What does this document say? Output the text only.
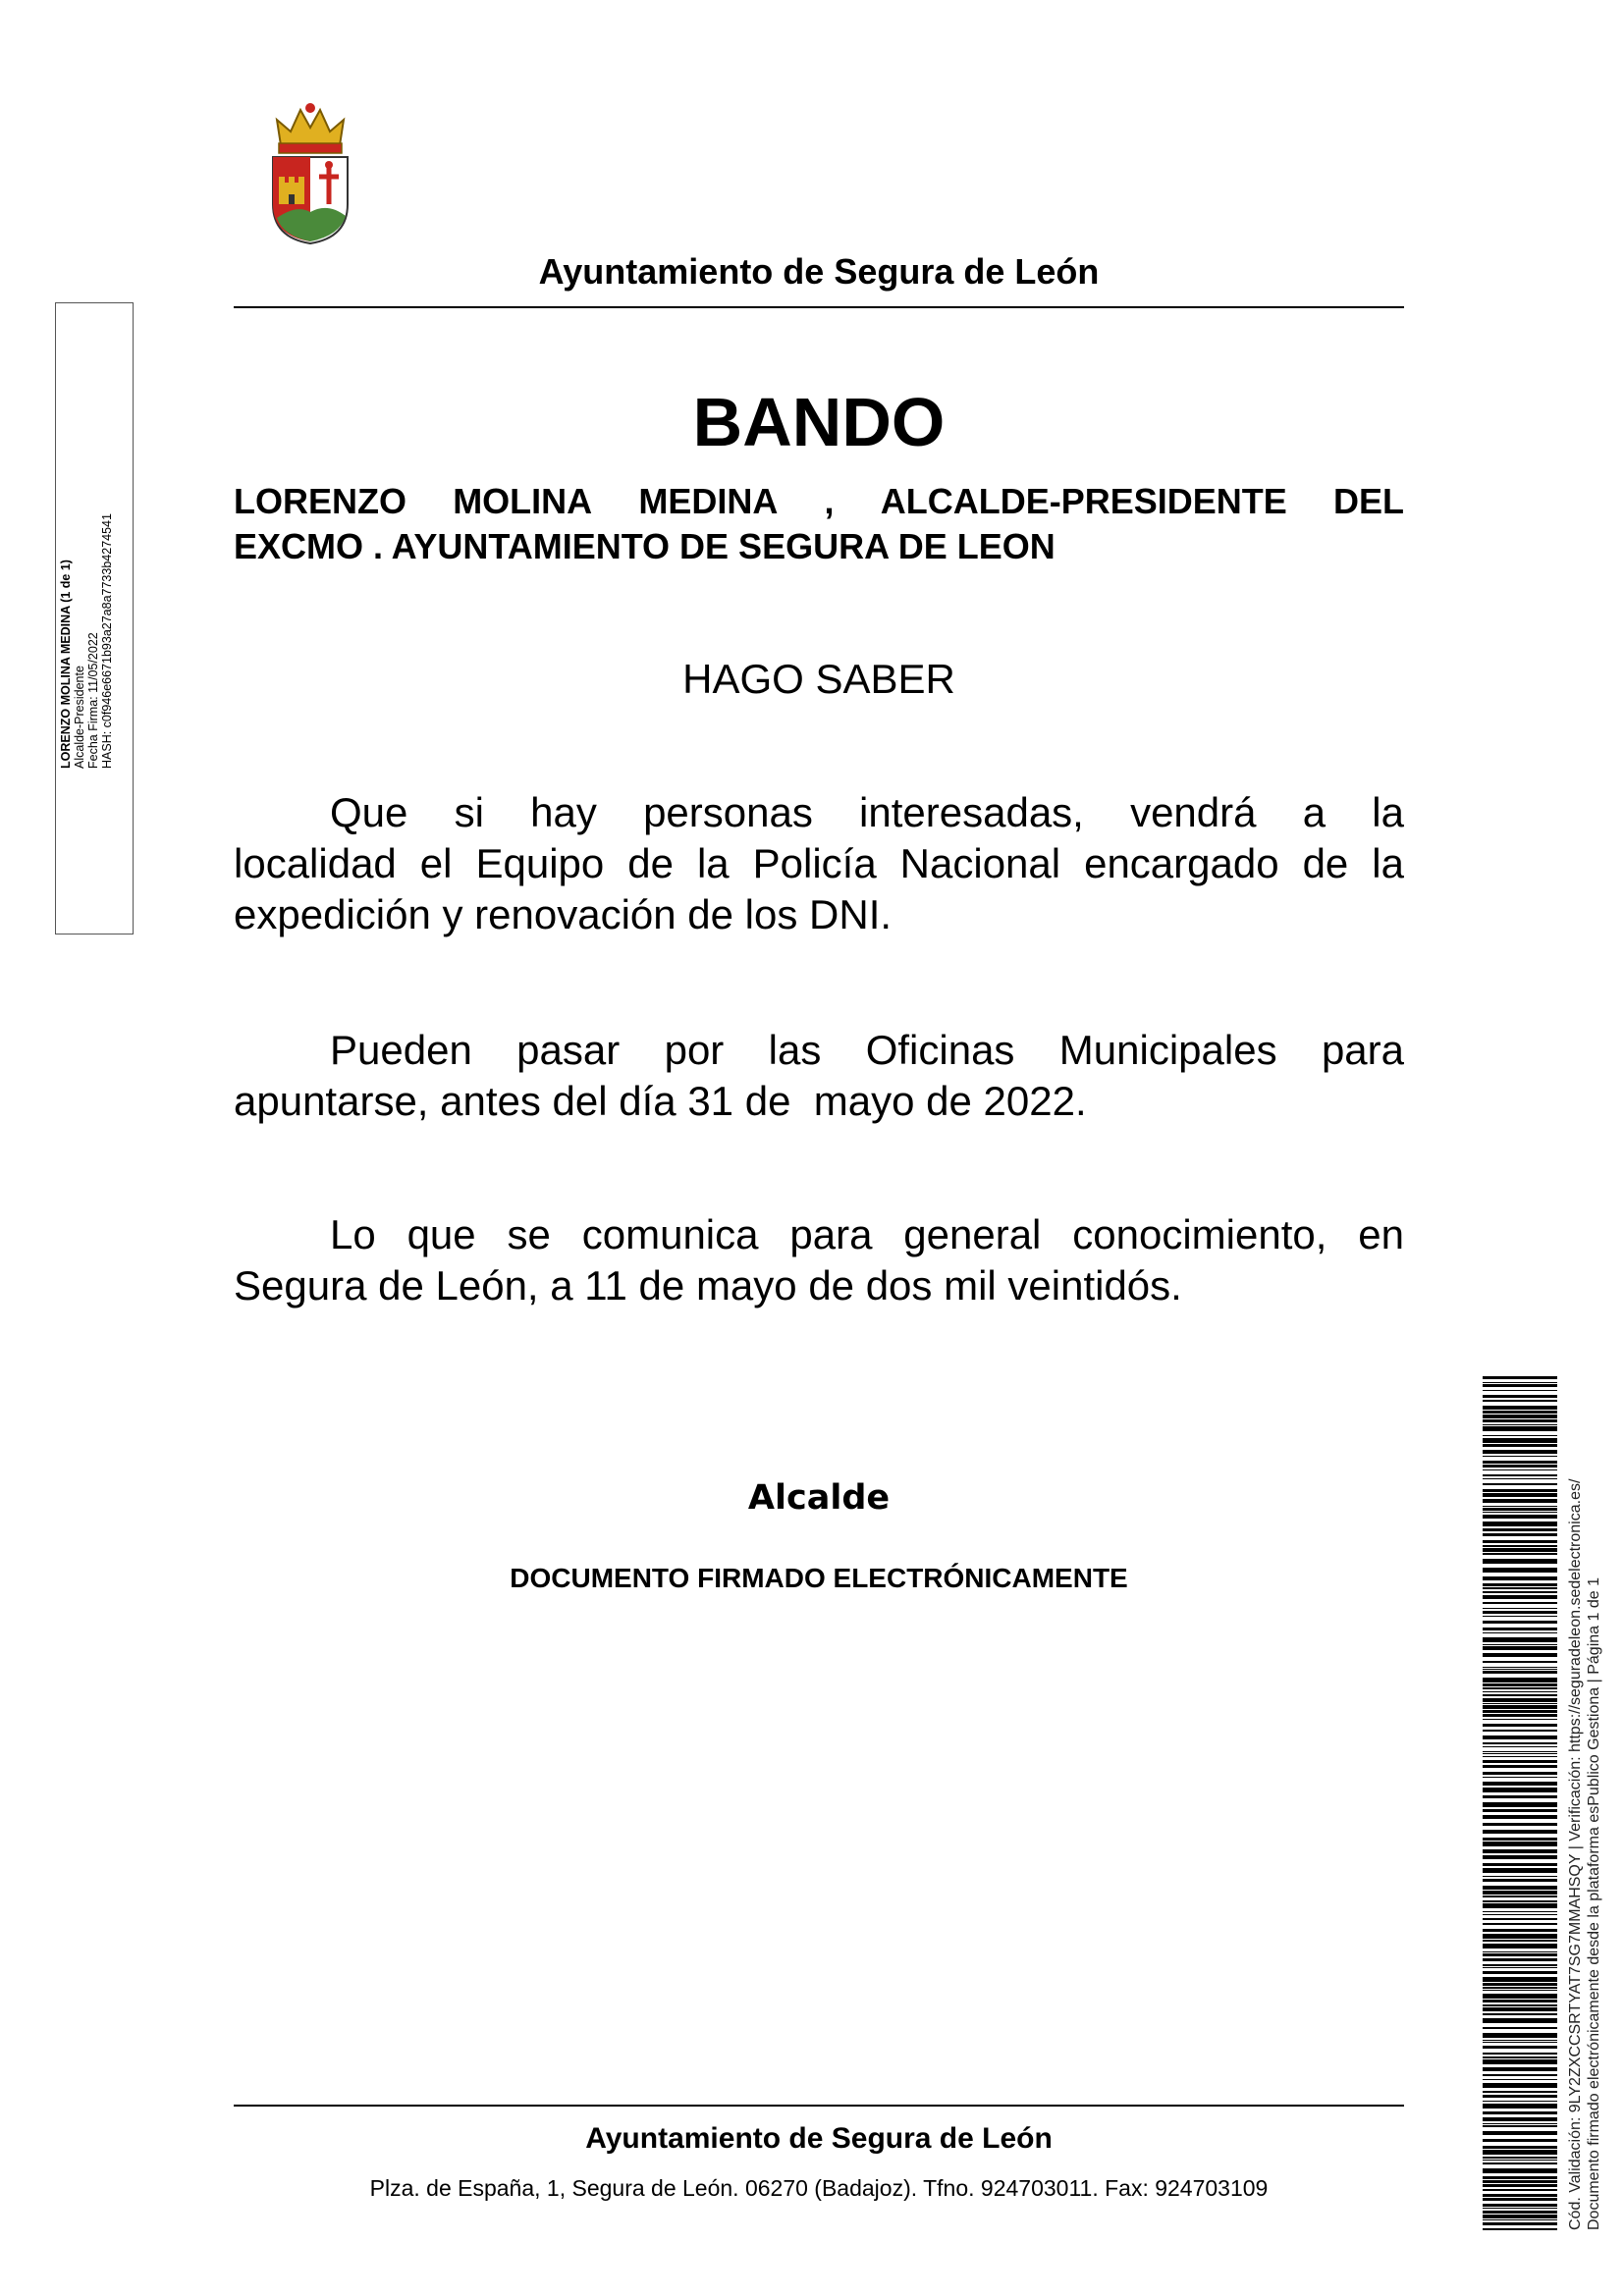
Ayuntamiento de Segura de León
LORENZO MOLINA MEDINA (1 de 1) Alcalde-Presidente Fecha Firma: 11/05/2022 HASH: c0f946e6671b93a27a8a7733b4274541
BANDO
LORENZO MOLINA MEDINA , ALCALDE-PRESIDENTE DEL
EXCMO . AYUNTAMIENTO DE SEGURA DE LEON
HAGO SABER
Que si hay personas interesadas, vendrá a la
localidad el Equipo de la Policía Nacional encargado de la
expedición y renovación de los DNI.
Pueden pasar por las Oficinas Municipales para
apuntarse, antes del día 31 de  mayo de 2022.
Lo que se comunica para general conocimiento, en
Segura de León, a 11 de mayo de dos mil veintidós.
Alcalde
DOCUMENTO FIRMADO ELECTRÓNICAMENTE
Ayuntamiento de Segura de León
Plza. de España, 1, Segura de León. 06270 (Badajoz). Tfno. 924703011. Fax: 924703109	Cód. Validación: 9LY2ZXCCSRTYAT7SG7MMAHSQY | Verificación: https://seguradeleon.sedelectronica.es/ Documento firmado electrónicamente desde la plataforma esPublico Gestiona | Página 1 de 1
